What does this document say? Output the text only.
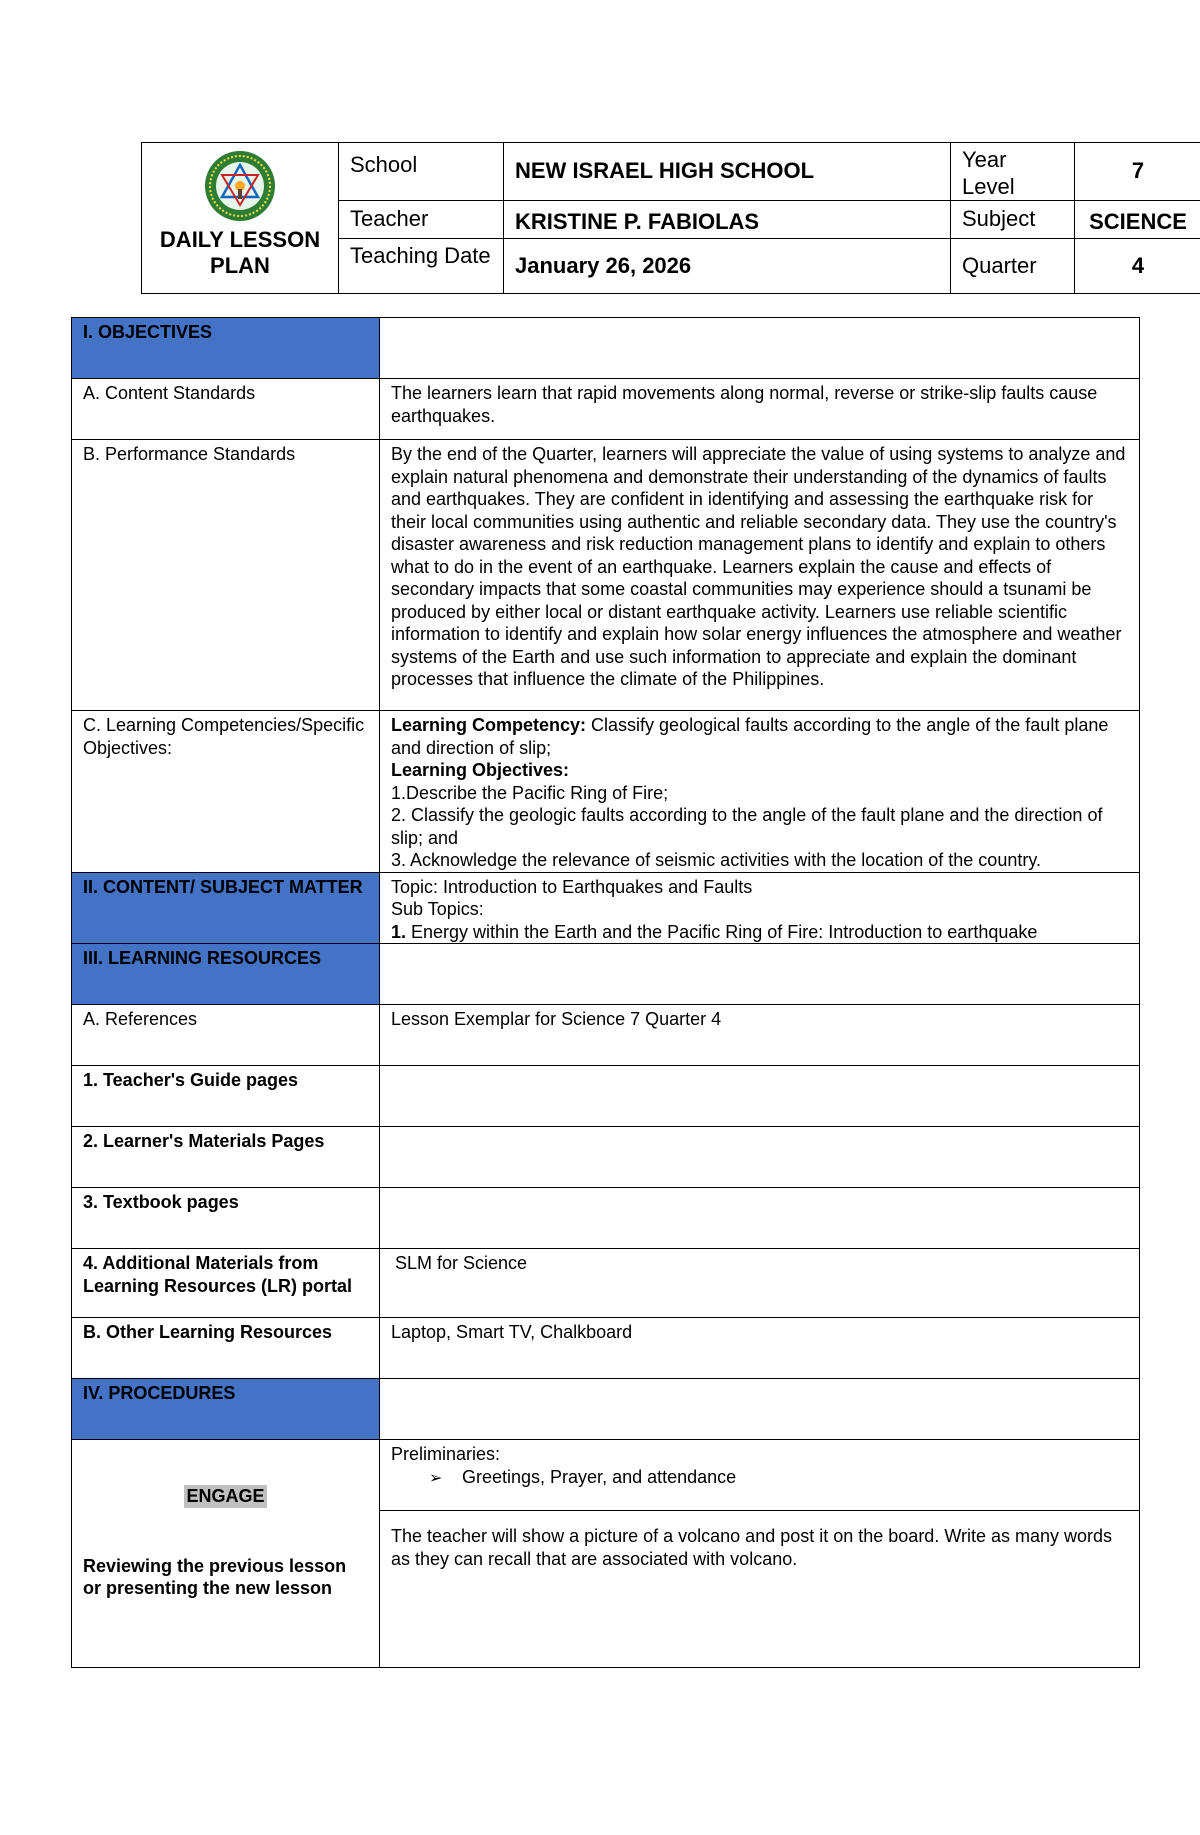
DAILY LESSON PLAN	School	NEW ISRAEL HIGH SCHOOL	Year Level	7
	Teacher	KRISTINE P. FABIOLAS	Subject	SCIENCE
	Teaching Date	January 26, 2026	Quarter	4
I. OBJECTIVES	
A. Content Standards	The learners learn that rapid movements along normal, reverse or strike-slip faults cause earthquakes.
B. Performance Standards	By the end of the Quarter, learners will appreciate the value of using systems to analyze and explain natural phenomena and demonstrate their understanding of the dynamics of faults and earthquakes. They are confident in identifying and assessing the earthquake risk for their local communities using authentic and reliable secondary data. They use the country's disaster awareness and risk reduction management plans to identify and explain to others what to do in the event of an earthquake. Learners explain the cause and effects of secondary impacts that some coastal communities may experience should a tsunami be produced by either local or distant earthquake activity. Learners use reliable scientific information to identify and explain how solar energy influences the atmosphere and weather systems of the Earth and use such information to appreciate and explain the dominant processes that influence the climate of the Philippines.
C. Learning Competencies/Specific Objectives:	Learning Competency: Classify geological faults according to the angle of the fault plane and direction of slip;
Learning Objectives:
1.Describe the Pacific Ring of Fire;
2. Classify the geologic faults according to the angle of the fault plane and the direction of slip; and
3. Acknowledge the relevance of seismic activities with the location of the country.

II. CONTENT/ SUBJECT MATTER	Topic: Introduction to Earthquakes and Faults
Sub Topics:
1. Energy within the Earth and the Pacific Ring of Fire: Introduction to earthquake

III. LEARNING RESOURCES	
A. References	Lesson Exemplar for Science 7 Quarter 4
1. Teacher's Guide pages	
2. Learner's Materials Pages	
3. Textbook pages	
4. Additional Materials from Learning Resources (LR) portal	SLM for Science
B. Other Learning Resources	Laptop, Smart TV, Chalkboard
IV. PROCEDURES	

ENGAGE
Reviewing the previous lesson or presenting the new lesson	Preliminaries:
➢ Greetings, Prayer, and attendance
The teacher will show a picture of a volcano and post it on the board. Write as many words as they can recall that are associated with volcano.
